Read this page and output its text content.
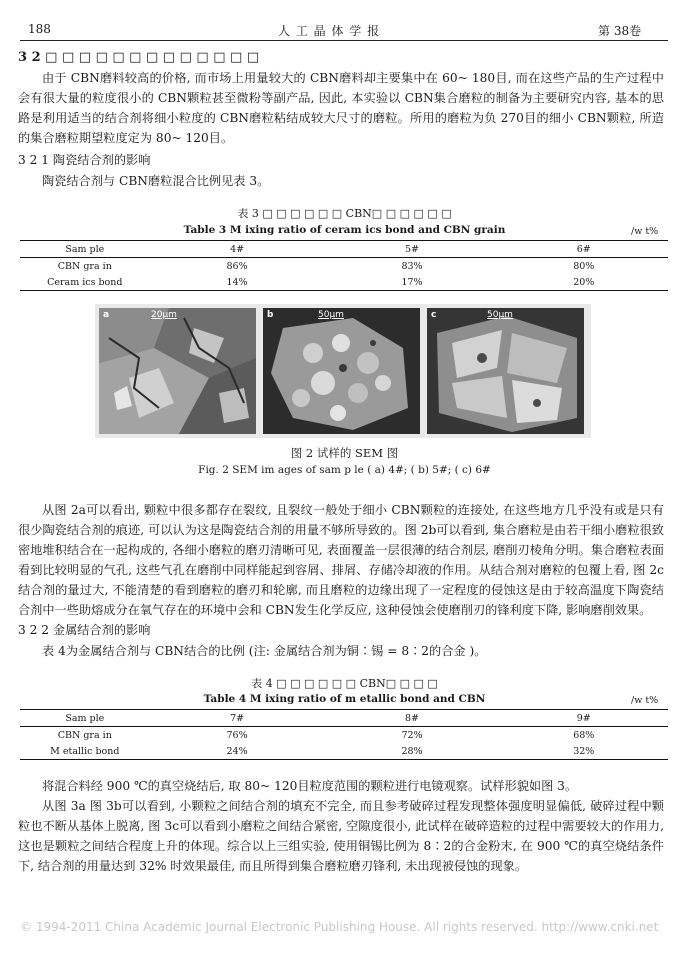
188	人 工 晶 体 学 报	第 38卷
3 2 □ □ □ □ □ □ □ □ □ □ □ □ □

由于 CBN磨料较高的价格, 而市场上用量较大的 CBN磨料却主要集中在 60~ 180目, 而在这些产品的生产过程中会有很大量的粒度很小的 CBN颗粒甚至微粉等副产品, 因此, 本实验以 CBN集合磨粒的制备为主要研究内容, 基本的思路是利用适当的结合剂将细小粒度的 CBN磨粒粘结成较大尺寸的磨粒。所用的磨粒为负 270目的细小 CBN颗粒, 所造的集合磨粒期望粒度定为 80~ 120目。

3 2 1 陶瓷结合剂的影响
陶瓷结合剂与 CBN磨粒混合比例见表 3。
表 3 □ □ □ □ □ □ CBN□ □ □ □ □ □
Table 3 M ixing ratio of ceram ics bond and CBN grain	/w t%
Sam ple	4#	5#	6#
CBN gra in	86%	83%	80%
Ceram ics bond	14%	17%	20%
a	20μm	b	50μm	c	50μm
图 2 试样的 SEM 图
Fig. 2 SEM im ages of sam p le ( a) 4#; ( b) 5#; ( c) 6#

从图 2a可以看出, 颗粒中很多都存在裂纹, 且裂纹一般处于细小 CBN颗粒的连接处, 在这些地方几乎没有或是只有很少陶瓷结合剂的痕迹, 可以认为这是陶瓷结合剂的用量不够所导致的。图 2b可以看到, 集合磨粒是由若干细小磨粒很致密地堆积结合在一起构成的, 各细小磨粒的磨刃清晰可见, 表面覆盖一层很薄的结合剂层, 磨削刃棱角分明。集合磨粒表面看到比较明显的气孔, 这些气孔在磨削中同样能起到容屑、排屑、存储冷却液的作用。从结合剂对磨粒的包覆上看, 图 2c结合剂的量过大, 不能清楚的看到磨粒的磨刃和轮廓, 而且磨粒的边缘出现了一定程度的侵蚀这是由于较高温度下陶瓷结合剂中一些助熔成分在氧气存在的环境中会和 CBN发生化学反应, 这种侵蚀会使磨削刃的锋利度下降, 影响磨削效果。

3 2 2 金属结合剂的影响
表 4为金属结合剂与 CBN结合的比例 (注: 金属结合剂为铜∶锡 = 8∶2的合金 )。
表 4 □ □ □ □ □ □ CBN□ □ □ □
Table 4 M ixing ratio of m etallic bond and CBN	/w t%
Sam ple	7#	8#	9#
CBN gra in	76%	72%	68%
M etallic bond	24%	28%	32%

将混合料经 900 ℃的真空烧结后, 取 80~ 120目粒度范围的颗粒进行电镜观察。试样形貌如图 3。

从图 3a 图 3b可以看到, 小颗粒之间结合剂的填充不完全, 而且参考破碎过程发现整体强度明显偏低, 破碎过程中颗粒也不断从基体上脱离, 图 3c可以看到小磨粒之间结合紧密, 空隙度很小, 此试样在破碎造粒的过程中需要较大的作用力, 这也是颗粒之间结合程度上升的体现。综合以上三组实验, 使用铜锡比例为 8∶2的合金粉末, 在 900 ℃的真空烧结条件下, 结合剂的用量达到 32% 时效果最佳, 而且所得到集合磨粒磨刃锋利, 未出现被侵蚀的现象。

© 1994-2011 China Academic Journal Electronic Publishing House. All rights reserved. http://www.cnki.net
